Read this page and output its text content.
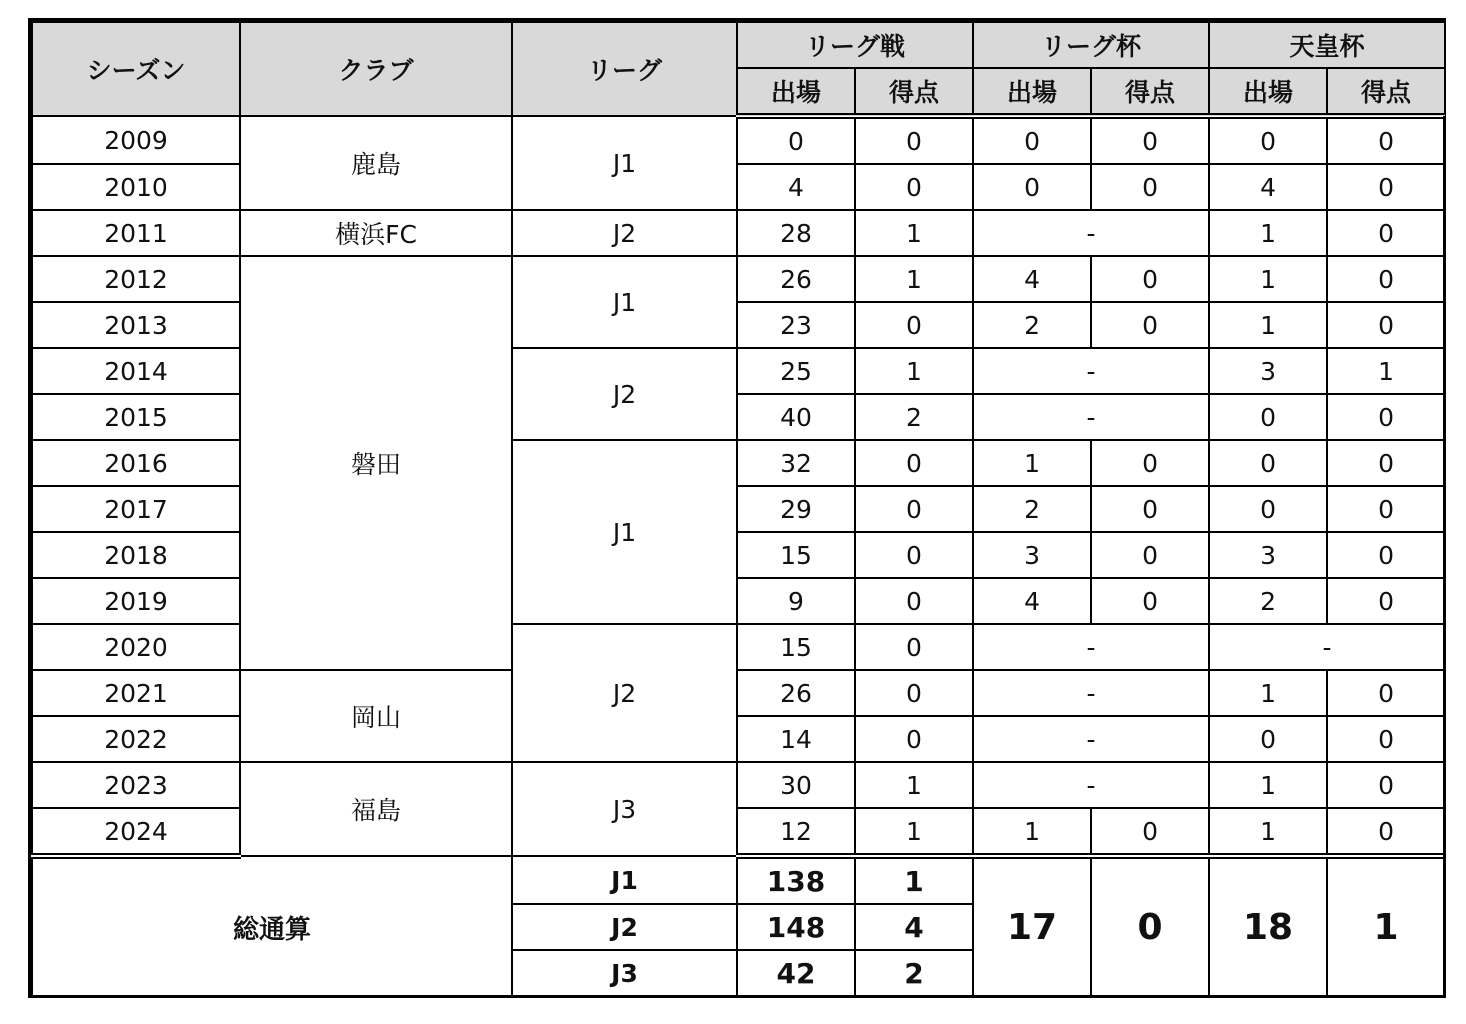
シーズン	クラブ	リーグ	リーグ戦		リーグ杯		天皇杯	
			出場	得点	出場	得点	出場	得点
2009	鹿島	J1	0	0	0	0	0	0
2010			4	0	0	0	4	0
2011	横浜FC	J2	28	1	-		1	0
2012	磐田	J1	26	1	4	0	1	0
2013			23	0	2	0	1	0
2014		J2	25	1	-		3	1
2015			40	2	-		0	0
2016		J1	32	0	1	0	0	0
2017			29	0	2	0	0	0
2018			15	0	3	0	3	0
2019			9	0	4	0	2	0
2020		J2	15	0	-		-	
2021	岡山		26	0	-		1	0
2022			14	0	-		0	0
2023	福島	J3	30	1	-		1	0
2024			12	1	1	0	1	0
総通算		J1	138	1	17	0	18	1
		J2	148	4				
		J3	42	2				
